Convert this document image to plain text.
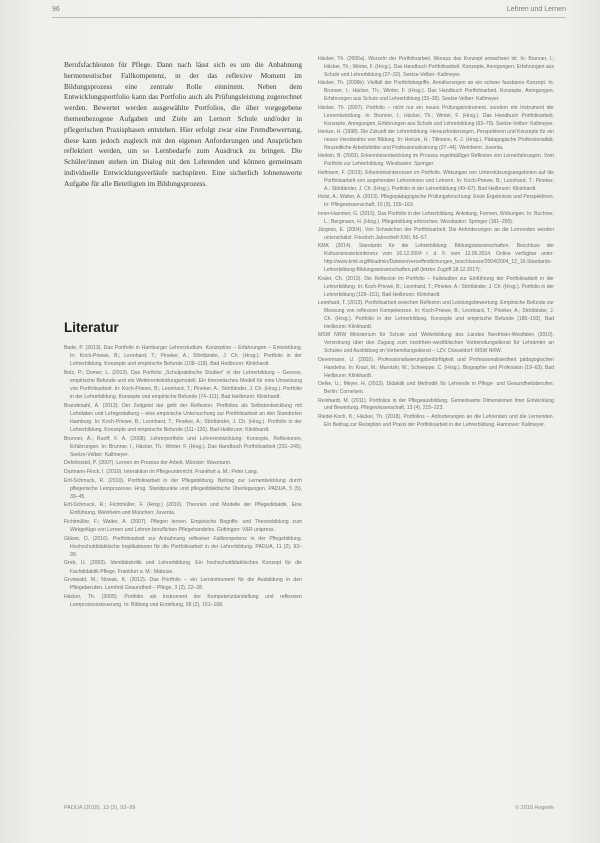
96	Lehren und Lernen

Berufsfachleuten für Pflege. Dann nach lässt sich es um die Anbahnung hermeneutischer Fallkompetenz, in der das reflexive Moment im Bildungsprozess eine zentrale Rolle einnimmt. Neben dem Entwicklungsportfolio kann das Portfolio auch als Prüfungsleistung zugerechnet werden. Bewertet werden ausgewählte Portfolios, die über vorgegebene themenbezogene Aufgaben und Ziele am Lernort Schule und/oder in pflegerischen Praxisphasen entstehen. Hier erfolgt zwar eine Fremdbewertung, diese kann jedoch zugleich mit den eigenen Anforderungen und Ansprüchen reflektiert werden, um so Lernbedarfe zum Ausdruck zu bringen. Die Schüler/innen stehen im Dialog mit den Lehrenden und können gemeinsam individuelle Entwicklungsverläufe nachspüren. Eine sicherlich lohnenswerte Aufgabe für alle Beteiligten im Bildungsprozess.

Literatur
Bade, P. (2013). Das Portfolio in Hamburger Lehrerstudium. Konzeption – Erfahrungen – Entwicklung. In: Koch-Priewe, B.; Leonhard, T.; Pineker, A.; Störtländer, J. Ch. (Hrsg.). Portfolio in der Lehrerbildung. Konzepte und empirische Befunde (108–118). Bad Heilbrunn: Klinkhardt.
Bolz, P.; Domer, L. (2013). Das Portfolio „Schulpraktische Studien“ in der Lehrerbildung – Genese, empirische Befunde und ein Weiterentwicklungsmodell. Ein theoretisches Modell für eine Umsetzung von Portfolioarbeit. In: Koch-Priewe, B.; Leonhard, T.; Pineker, A.; Störtländer, J. Ch. (Hrsg.). Portfolio in der Lehrerbildung. Konzepte und empirische Befunde (74–111). Bad Heilbrunn: Klinkhardt.
Brandenahl, A. (2013). Der Zeitgeist dar geht der Reflexion. Portfolios als Selbstentwicklung mit Lehrdaten und Lehrgestaltung – eine empirische Untersuchung zur Portfolioarbeit an den Standorten Hamburg. In: Koch-Priewe, B.; Leonhard, T.; Pineker, A.; Störtländer, J. Ch. (Hrsg.). Portfolio in der Lehrerbildung. Konzepte und empirische Befunde (111–126). Bad Heilbrunn: Klinkhardt.
Brunner, A.; Ruoff, F. A. (2008). Lehrerportfolio und Lehrerentwicklung: Konzepte, Reflexionen, Erfahrungen. In: Brunner, I.; Häcker, Th.; Winter, F. (Hrsg.). Das Handbuch Portfolioarbeit (231–245). Seelze-Velber: Kallmeyer.
Dehnbostel, P. (2007). Lernen im Prozess der Arbeit. Münster: Waxmann.
Darmann-Finck, I. (2010). Interaktion im Pflegeunterricht. Frankfurt a. M.: Peter Lang.
Ertl-Schmuck, R. (2010). Portfolioarbeit in der Pflegebildung. Beitrag zur Lernentwicklung durch pflegerische Lernprozesse. Hrsg. Standpunkte und pflegedidaktische Überlegungen. PADUA, 5 (5), 39–45.
Ertl-Schmuck, R.; Fichtmüller, F. (Hrsg.) (2010). Theorien und Modelle der Pflegedidaktik. Eine Einführung. Weinheim und München: Juventa.
Fichtmüller, F.; Walter, A. (2007). Pflegen lernen. Empirische Begriffs- und Theoriebildung zum Wirkgefüge von Lernen und Lehren beruflichen Pflegehandelns. Göttingen: V&R unipress.
Gläser, D. (2016). Portfolioarbeit zur Anbahnung reflexiver Fallkompetenz in der Pflegebildung. Hochschuldidaktische Implikationen für die Portfolioarbeit in der Lehrerbildung. PADUA, 11 (2), 93–99.
Greb, U. (2003). Identitätskritik und Lehrerbildung. Ein hochschuldidaktisches Konzept für die Fachdidaktik Pflege. Frankfurt a. M.: Mabuse.
Grunwald, M.; Nowak, K. (2012). Das Portfolio – ein Lerninstrument für die Ausbildung in den Pflegeberufen. Lernfeld Gesundheit – Pflege, 3 (2), 22–28.
Häcker, Th. (2005). Portfolio als Instrument der Kompetenzdarstellung und reflexiven Lernprozesssteuerung. In: Bildung und Erziehung, 58 (2), 151–168.
Häcker, Th. (2006a). Wurzeln der Portfolioarbeit. Woraus das Konzept erwachsen ist. In: Brunner, I.; Häcker, Th.; Winter, F. (Hrsg.). Das Handbuch Portfolioarbeit. Konzepte, Anregungen, Erfahrungen aus Schule und Lehrerbildung (27–32). Seelze-Velber: Kallmeyer.
Häcker, Th. (2006b). Vielfalt der Portfoliobegriffe. Annäherungen an ein schwer fassbares Konzept. In: Brunner, I.; Häcker, Th.; Winter, F. (Hrsg.). Das Handbuch Portfolioarbeit. Konzepte, Anregungen, Erfahrungen aus Schule und Lehrerbildung (33–39). Seelze-Velber: Kallmeyer.
Häcker, Th. (2007). Portfolio – nicht nur ein neues Prüfungsinstrument, sondern ein Instrument der Lernentwicklung. In: Brunner, I.; Häcker, Th.; Winter, F. (Hrsg.). Das Handbuch Portfolioarbeit. Konzepte, Anregungen, Erfahrungen aus Schule und Lehrerbildung (63–70). Seelze-Velber: Kallmeyer.
Heinze, H. (1998). Die Zukunft der Lehrerbildung. Herausforderungen, Perspektiven und Konzepte für ein neues Verständnis von Bildung. In: Heinze, H.; Tillmann, K.-J. (Hrsg.). Pädagogische Professionalität. Neuzeitliche Arbeitsfelder und Professionalisierung (27–44). Weinheim: Juventa.
Herlein, B. (2003). Erkenntnisentwicklung im Prozess regelmäßiger Reflexion von Lernerfahrungen. Vom Portfolio zur Lehrerbildung. Wiesbaden: Springer.
Hofmann, F. (2013). Erkenntnisinteressen im Portfolio. Wirkungen von Unterstützungsangeboten auf die Portfolioarbeit von angehenden Lehrerinnen und Lehrern. In: Koch-Priewe, B.; Leonhard, T.; Pineker, A.; Störtländer, J. Ch. (Hrsg.). Portfolio in der Lehrerbildung (49–67). Bad Heilbrunn: Klinkhardt.
Holst, A.; Walter, A. (2013). Pflegepädagogische Prüfungsforschung: Erste Ergebnisse und Perspektiven. In: Pflegewissenschaft, 15 (3), 155–163.
Inner-Hammer, G. (2015). Das Portfolio in der Lehrerbildung. Anleitung, Formen, Wirkungen. In: Buchner, L.; Bergmann, H. (Hrsg.). Pflegebildung erforschen. Wiesbaden: Springer (181–200).
Jürgens, E. (2004). Von Schwächen der Portfolioarbeit. Die Anforderungen an die Lernenden werden unterschätzt. Friedrich Jahresheft XXII, 56–57.
KMK (2014). Standards für die Lehrerbildung: Bildungswissenschaften. Beschluss der Kultusministerkonferenz vom 16.12.2004 i. d. F. vom 12.06.2014. Online verfügbar unter: http://www.kmk.org/fileadmin/Dateien/veroeffentlichungen_beschluesse/2004/2004_12_16-Standards-Lehrerbildung-Bildungswissenschaften.pdf (letzter Zugriff 18.12.2017).
Kraler, Ch. (2013). Die Reflexion im Portfolio – Fallstudien zur Einführung der Portfolioarbeit in der Lehrerbildung. In: Koch-Priewe, B.; Leonhard, T.; Pineker, A.; Störtländer, J. Ch. (Hrsg.). Portfolio in der Lehrerbildung (129–151). Bad Heilbrunn: Klinkhardt.
Leonhard, T. (2013). Portfolioarbeit zwischen Reflexion und Leistungsbewertung. Empirische Befunde zur Messung von reflexiven Kompetenzen. In: Koch-Priewe, B.; Leonhard, T.; Pineker, A.; Störtländer, J. Ch. (Hrsg.). Portfolio in der Lehrerbildung. Konzepte und empirische Befunde (180–193). Bad Heilbrunn: Klinkhardt.
MSW NRW Ministerium für Schule und Weiterbildung des Landes Nordrhein-Westfalen (2010). Verordnung über den Zugang zum nordrhein-westfälischen Vorbereitungsdienst für Lehrämter an Schulen und Ausbildung im Vorbereitungsdienst – LZV. Düsseldorf: MSW NRW.
Oevermann, U. (2002). Professionalisierungsbedürftigkeit und Professionalisiertheit pädagogischen Handelns. In: Kraul, M.; Marotzki, W.; Schweppe, C. (Hrsg.). Biographie und Profession (19–63). Bad Heilbrunn: Klinkhardt.
Oelke, U.; Meyer, H. (2013). Didaktik und Methodik für Lehrende in Pflege- und Gesundheitsberufen. Berlin: Cornelsen.
Reinhardt, M. (2011). Portfolios in der Pflegeausbildung. Gemeinsame Dimensionen ihrer Entwicklung und Bewertung. Pflegewissenschaft, 13 (4), 215–223.
Riedel-Koch, K.; Häcker, Th. (2018). Portfolios – Anforderungen an die Lehrenden und die Lernenden. Ein Beitrag zur Rezeption und Praxis der Portfolioarbeit in der Lehrerbildung. Hannover: Kallmeyer.
PADUA (2018), 13 (2), 93–99	© 2018 Hogrefe
